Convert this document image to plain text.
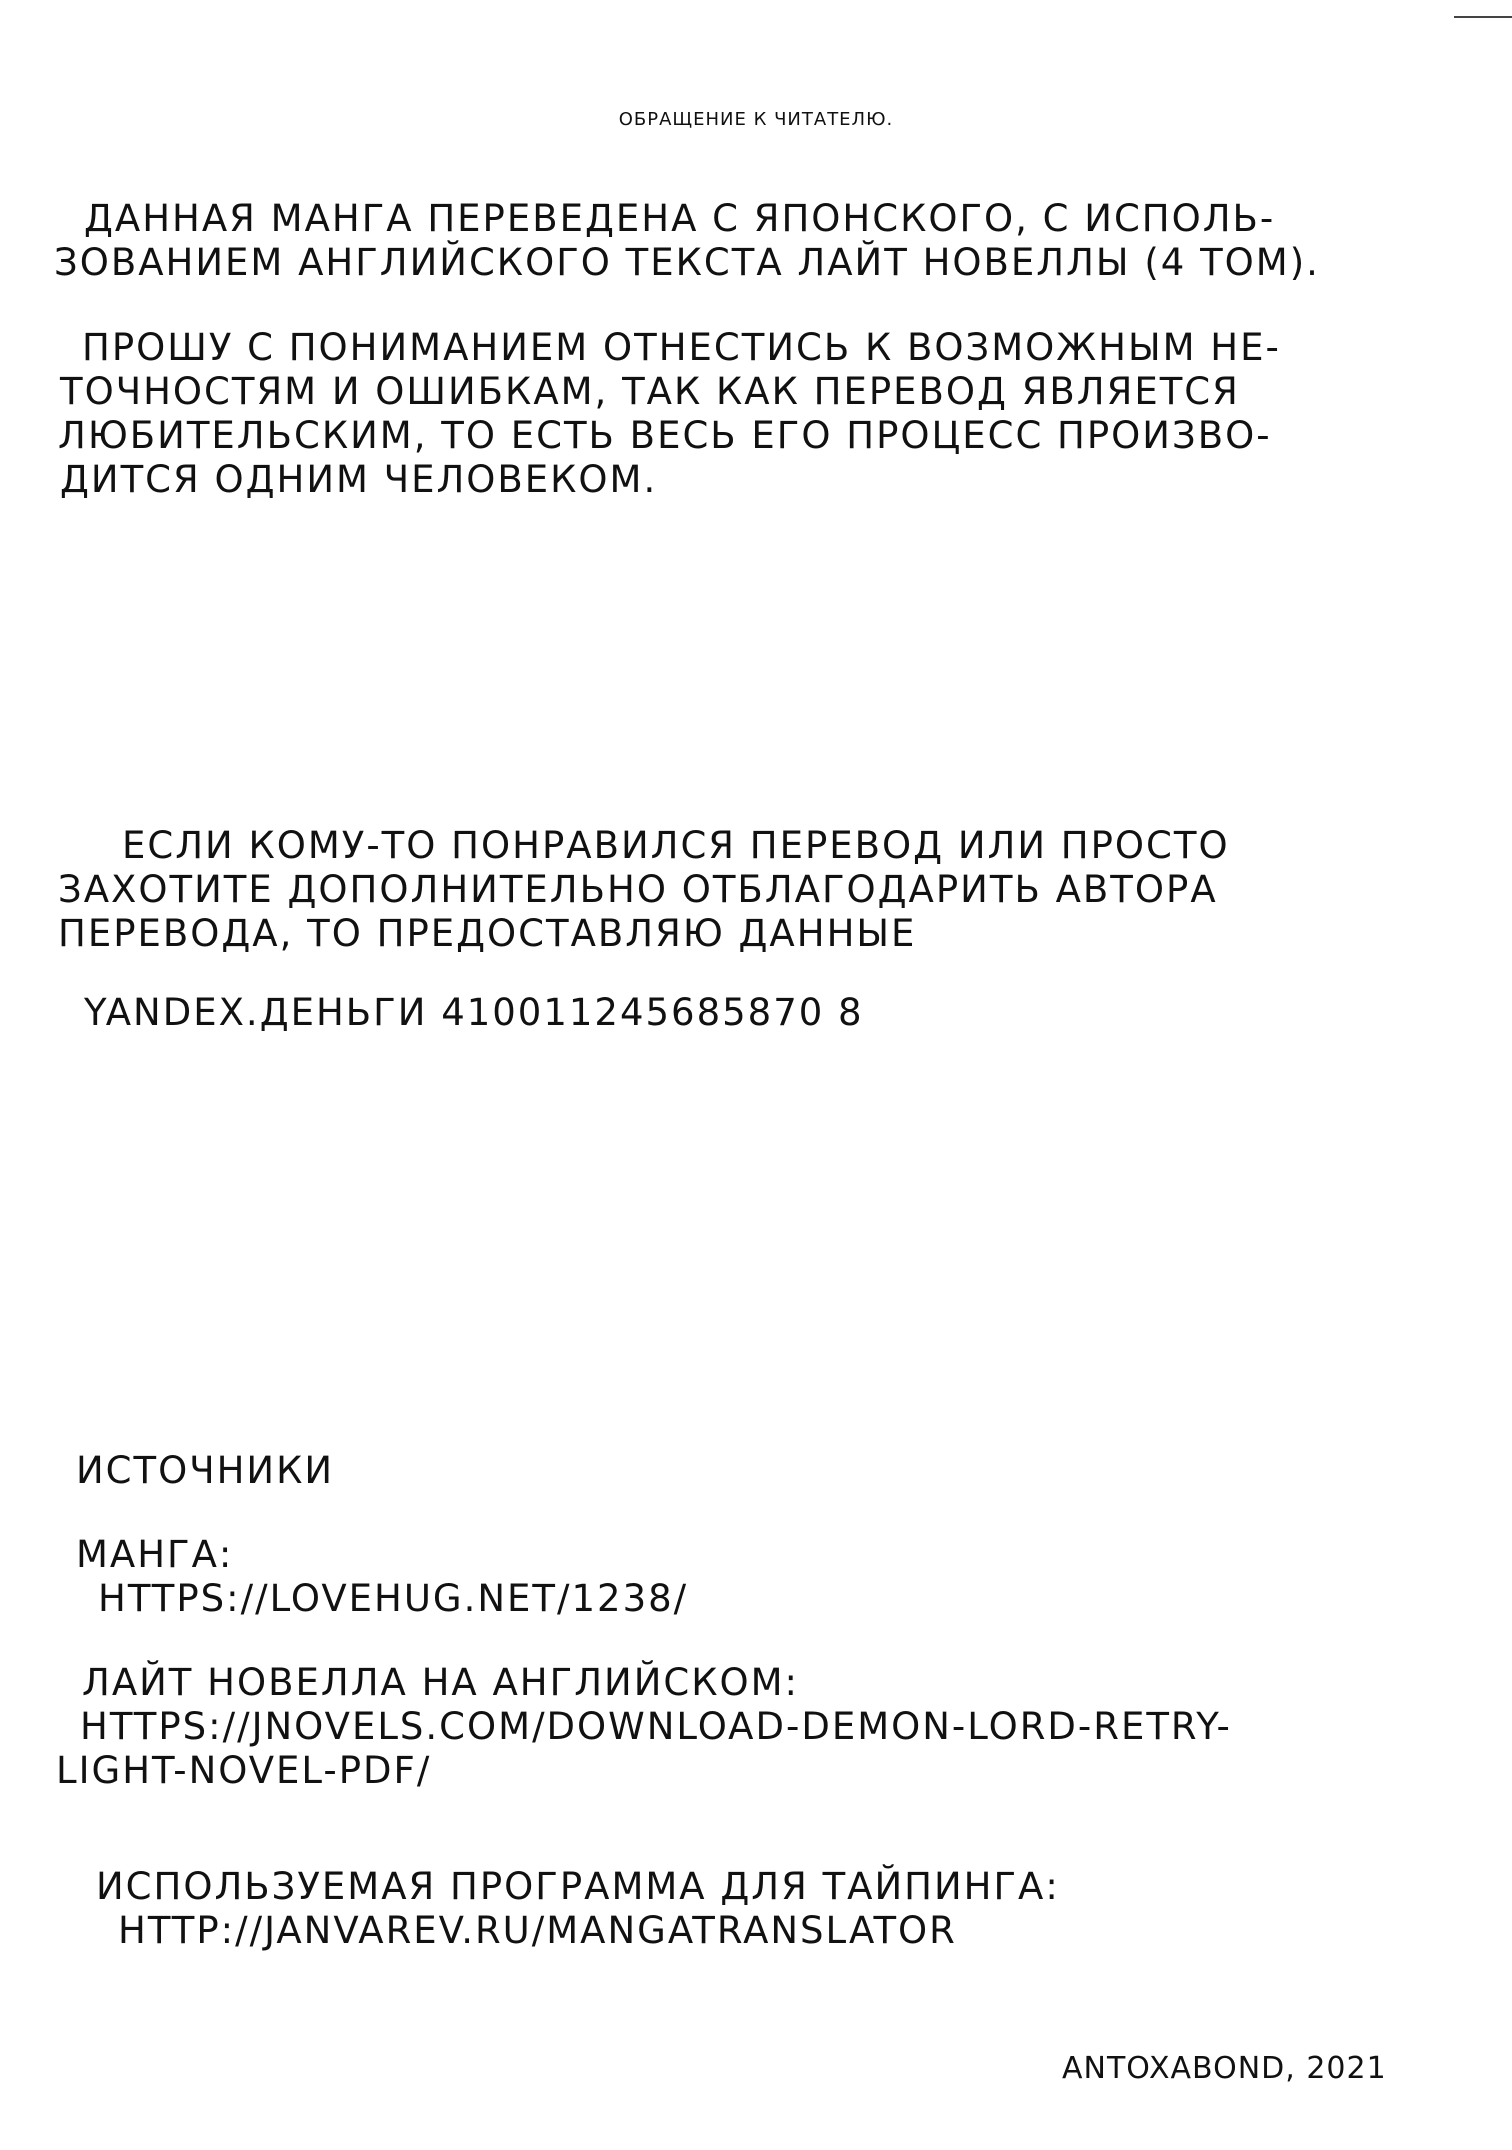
ОБРАЩЕНИЕ К ЧИТАТЕЛЮ.
ДАННАЯ МАНГА ПЕРЕВЕДЕНА С ЯПОНСКОГО, С ИСПОЛЬ-
ЗОВАНИЕМ АНГЛИЙСКОГО ТЕКСТА ЛАЙТ НОВЕЛЛЫ (4 ТОМ).
ПРОШУ С ПОНИМАНИЕМ ОТНЕСТИСЬ К ВОЗМОЖНЫМ НЕ-
ТОЧНОСТЯМ И ОШИБКАМ, ТАК КАК ПЕРЕВОД ЯВЛЯЕТСЯ
ЛЮБИТЕЛЬСКИМ, ТО ЕСТЬ ВЕСЬ ЕГО ПРОЦЕСС ПРОИЗВО-
ДИТСЯ ОДНИМ ЧЕЛОВЕКОМ.
ЕСЛИ КОМУ-ТО ПОНРАВИЛСЯ ПЕРЕВОД ИЛИ ПРОСТО
ЗАХОТИТЕ ДОПОЛНИТЕЛЬНО ОТБЛАГОДАРИТЬ АВТОРА
ПЕРЕВОДА, ТО ПРЕДОСТАВЛЯЮ ДАННЫЕ
YANDEX.ДЕНЬГИ 410011245685870 8
ИСТОЧНИКИ
МАНГА:
HTTPS://LOVEHUG.NET/1238/
ЛАЙТ НОВЕЛЛА НА АНГЛИЙСКОМ:
HTTPS://JNOVELS.COM/DOWNLOAD-DEMON-LORD-RETRY-
LIGHT-NOVEL-PDF/
ИСПОЛЬЗУЕМАЯ ПРОГРАММА ДЛЯ ТАЙПИНГА:
HTTP://JANVAREV.RU/MANGATRANSLATOR
ANTOXABOND, 2021
